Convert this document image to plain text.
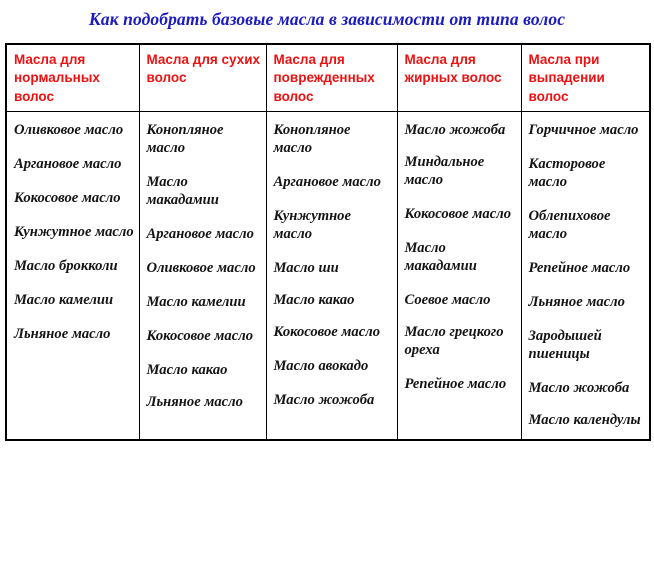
Как подобрать базовые масла в зависимости от типа волос
Масла для нормальных волос	Масла для сухих волос	Масла для поврежденных волос	Масла для жирных волос	Масла при выпадении волос

Оливковое масло
Аргановое масло
Кокосовое масло
Кунжутное масло
Масло брокколи
Масло камелии
Льняное масло

Конопляное масло
Масло макадамии
Аргановое масло
Оливковое масло
Масло камелии
Кокосовое масло
Масло какао
Льняное масло

Конопляное масло
Аргановое масло
Кунжутное масло
Масло ши
Масло какао
Кокосовое масло
Масло авокадо
Масло жожоба

Масло жожоба
Миндальное масло
Кокосовое масло
Масло макадамии
Соевое масло
Масло грецкого ореха
Репейное масло

Горчичное масло
Касторовое масло
Облепиховое масло
Репейное масло
Льняное масло
Зародышей пшеницы
Масло жожоба
Масло календулы
